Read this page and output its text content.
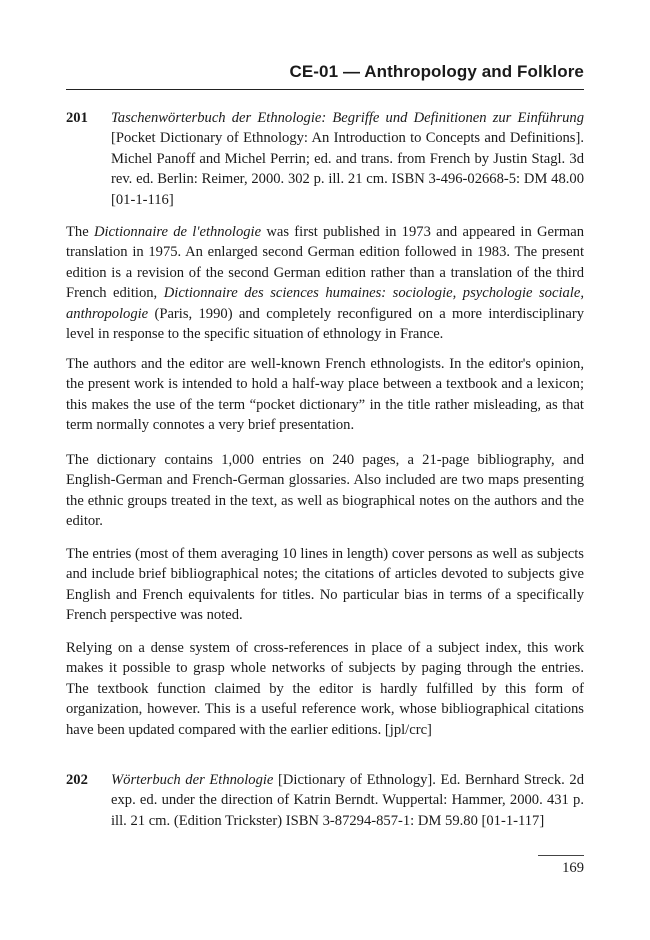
CE-01 — Anthropology and Folklore
201 Taschenwörterbuch der Ethnologie: Begriffe und Definitionen zur Einführung [Pocket Dictionary of Ethnology: An Introduction to Concepts and Definitions]. Michel Panoff and Michel Perrin; ed. and trans. from French by Justin Stagl. 3d rev. ed. Berlin: Reimer, 2000. 302 p. ill. 21 cm. ISBN 3-496-02668-5: DM 48.00 [01-1-116]

The Dictionnaire de l'ethnologie was first published in 1973 and appeared in German translation in 1975. An enlarged second German edition followed in 1983. The present edition is a revision of the second German edition rather than a translation of the third French edition, Dictionnaire des sciences humaines: sociologie, psychologie sociale, anthropologie (Paris, 1990) and completely reconfigured on a more interdisciplinary level in response to the specific situation of ethnology in France.

The authors and the editor are well-known French ethnologists. In the editor's opinion, the present work is intended to hold a half-way place between a textbook and a lexicon; this makes the use of the term “pocket dictionary” in the title rather misleading, as that term normally connotes a very brief presentation.

The dictionary contains 1,000 entries on 240 pages, a 21-page bibliography, and English-German and French-German glossaries. Also included are two maps presenting the ethnic groups treated in the text, as well as biographical notes on the authors and the editor.

The entries (most of them averaging 10 lines in length) cover persons as well as subjects and include brief bibliographical notes; the citations of articles devoted to subjects give English and French equivalents for titles. No particular bias in terms of a specifically French perspective was noted.

Relying on a dense system of cross-references in place of a subject index, this work makes it possible to grasp whole networks of subjects by paging through the entries. The textbook function claimed by the editor is hardly fulfilled by this form of organization, however. This is a useful reference work, whose bibliographical citations have been updated compared with the earlier editions. [jpl/crc]

202 Wörterbuch der Ethnologie [Dictionary of Ethnology]. Ed. Bernhard Streck. 2d exp. ed. under the direction of Katrin Berndt. Wuppertal: Hammer, 2000. 431 p. ill. 21 cm. (Edition Trickster) ISBN 3-87294-857-1: DM 59.80 [01-1-117]
169
